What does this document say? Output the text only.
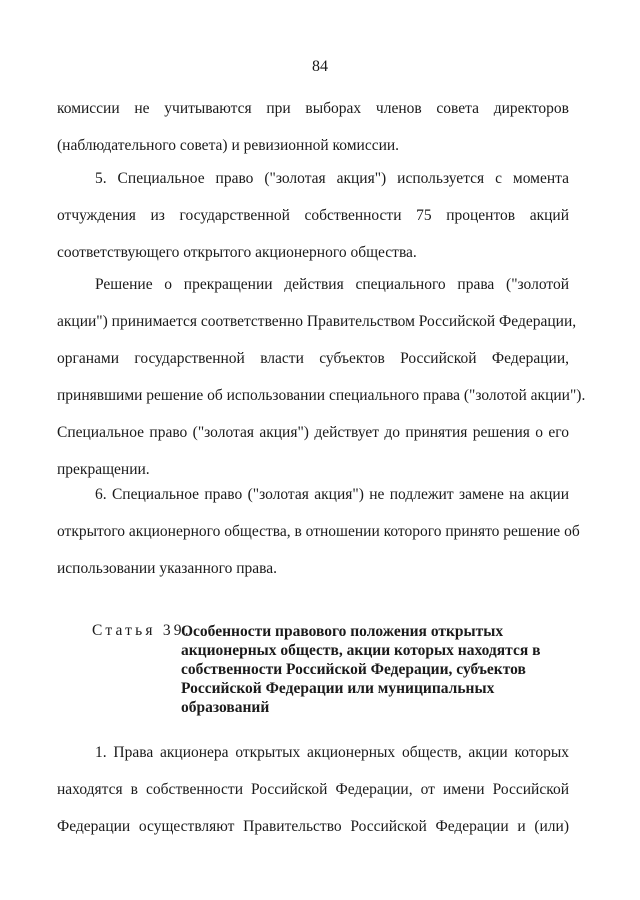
84
комиссии не учитываются при выборах членов совета директоров
(наблюдательного совета) и ревизионной комиссии.
5. Специальное право ("золотая акция") используется с момента
отчуждения из государственной собственности 75 процентов акций
соответствующего открытого акционерного общества.
Решение о прекращении действия специального права ("золотой
акции") принимается соответственно Правительством Российской Федерации,
органами государственной власти субъектов Российской Федерации,
принявшими решение об использовании специального права ("золотой акции").
Специальное право ("золотая акция") действует до принятия решения о его
прекращении.
6. Специальное право ("золотая акция") не подлежит замене на акции
открытого акционерного общества, в отношении которого принято решение об
использовании указанного права.
Статья 39.
Особенности правового положения открытых
акционерных обществ, акции которых находятся в
собственности Российской Федерации, субъектов
Российской Федерации или муниципальных
образований
1. Права акционера открытых акционерных обществ, акции которых
находятся в собственности Российской Федерации, от имени Российской
Федерации осуществляют Правительство Российской Федерации и (или)
